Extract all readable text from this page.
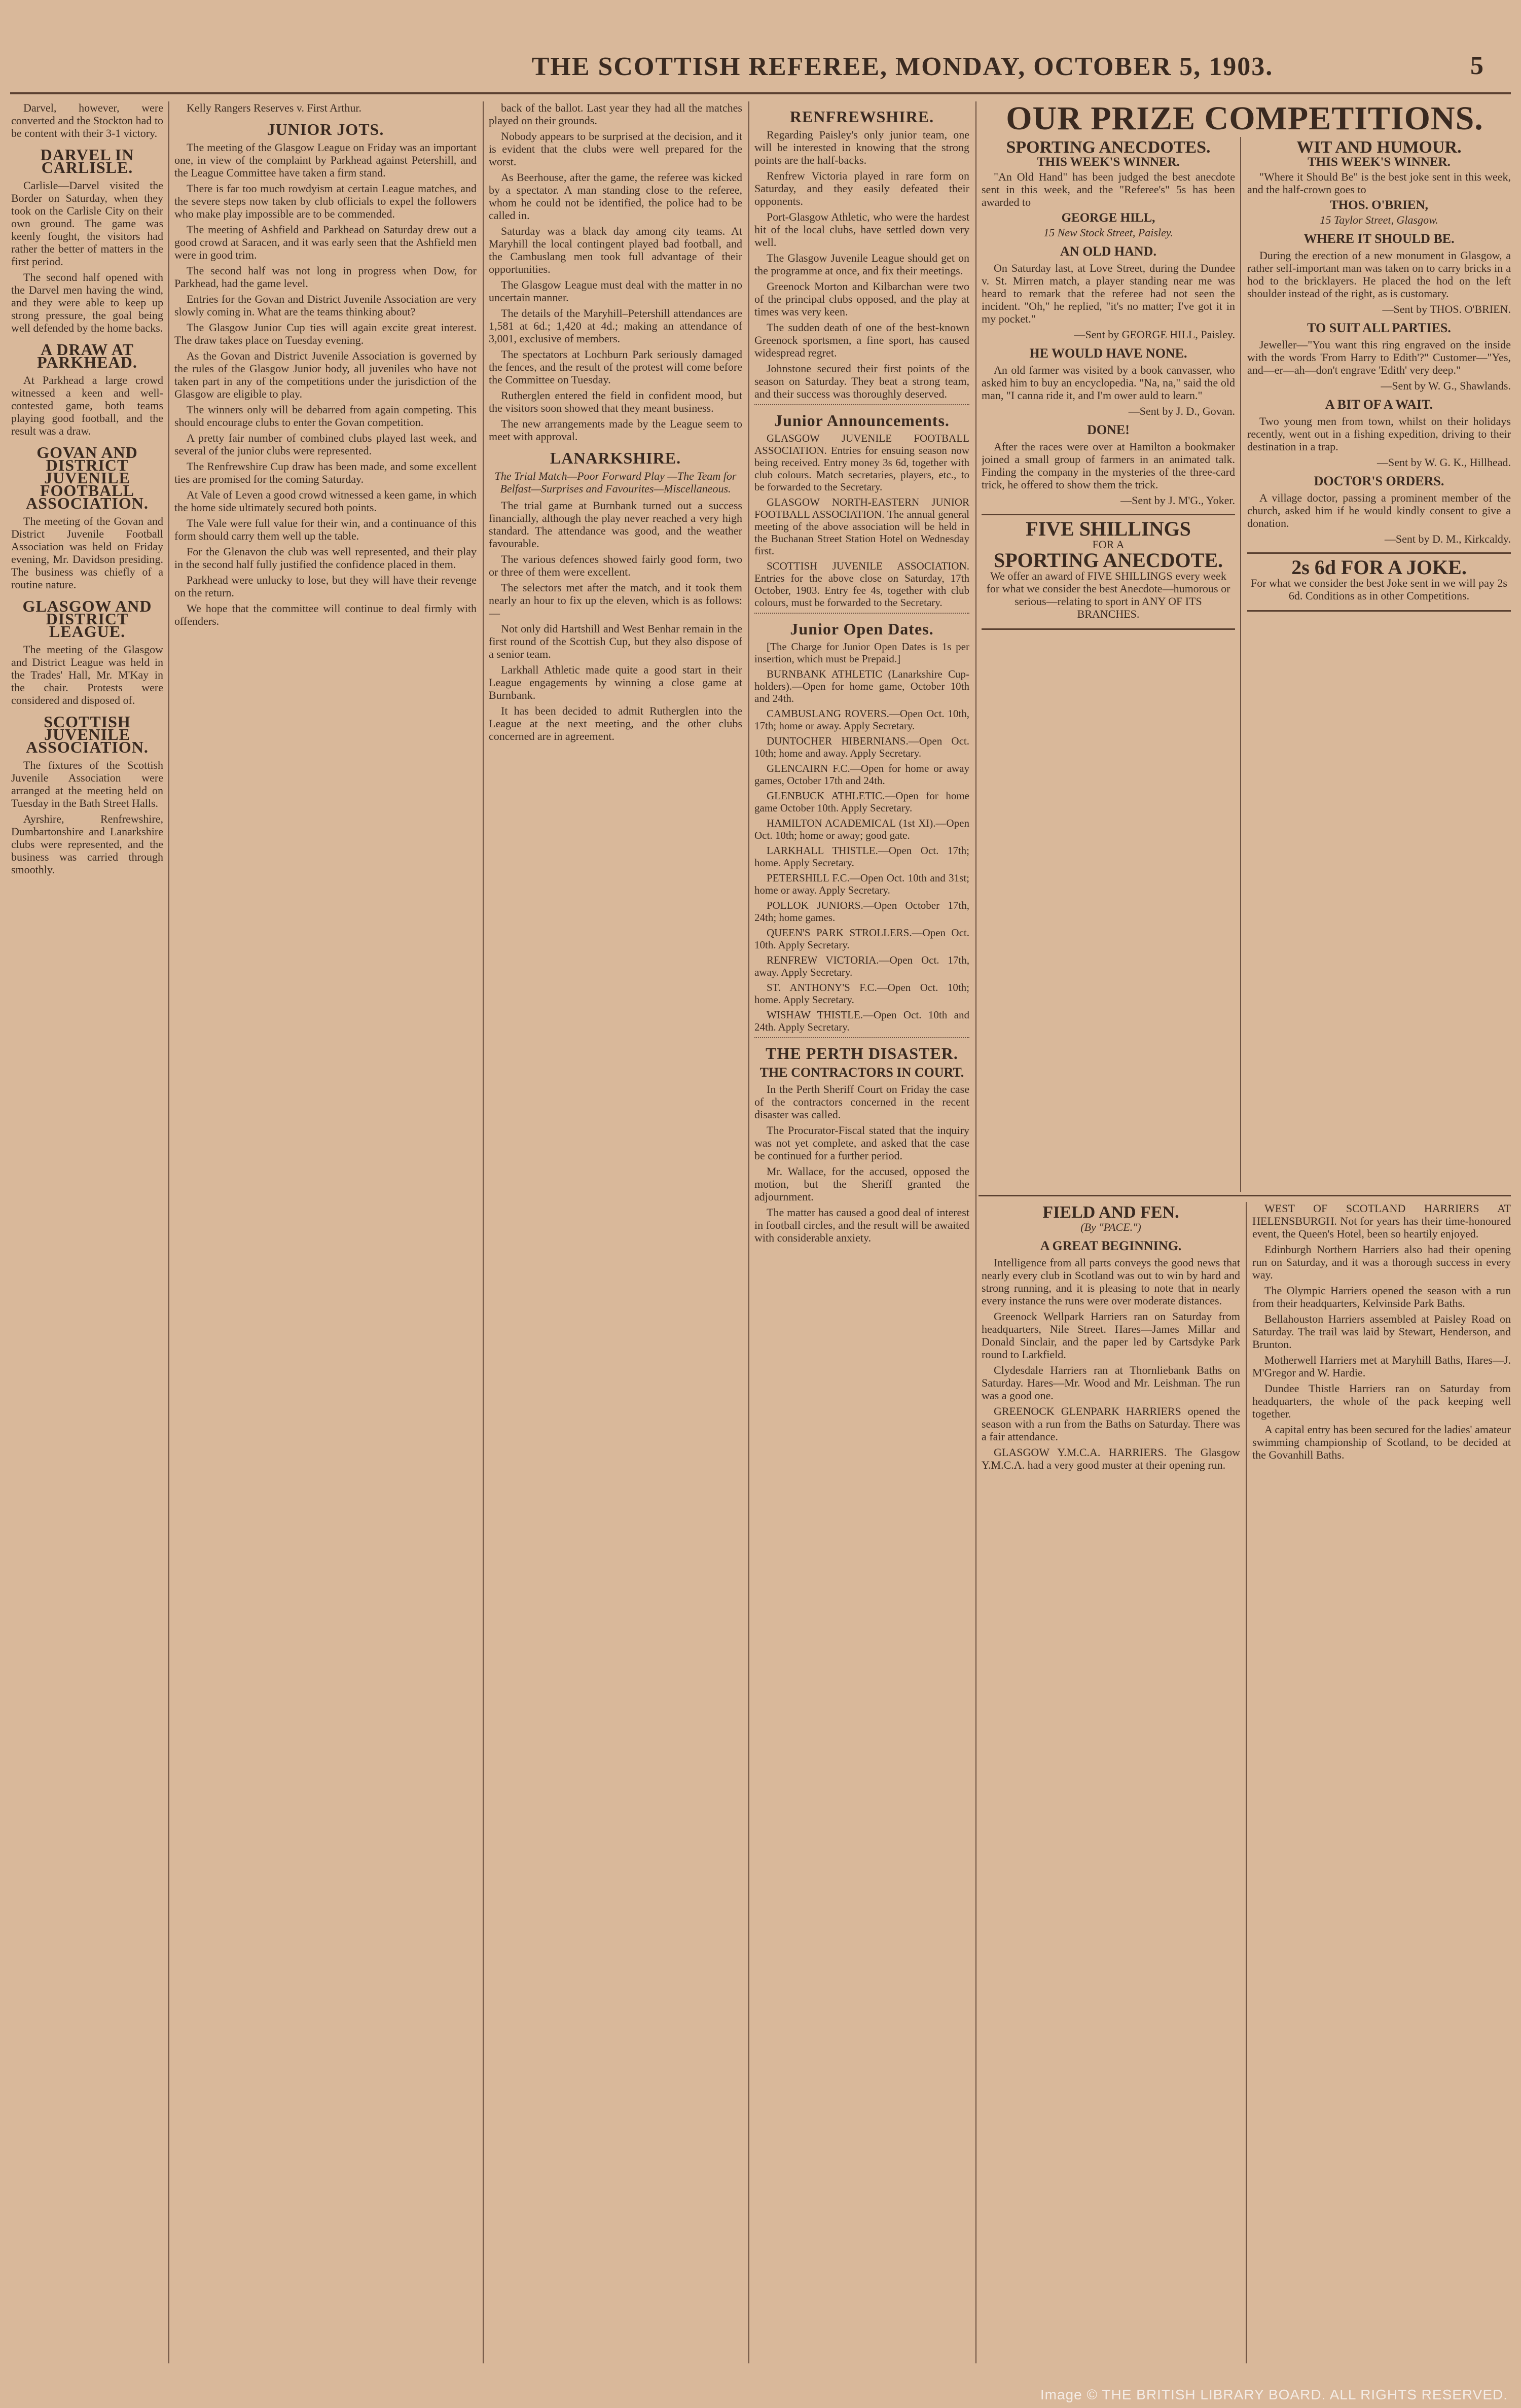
THE SCOTTISH REFEREE, MONDAY, OCTOBER 5, 1903.	5

Darvel, however, were converted and the Stockton had to be content with their 3-1 victory.

DARVEL IN CARLISLE.

Carlisle—Darvel visited the Border on Saturday, when they took on the Carlisle City on their own ground. The game was keenly fought, the visitors had rather the better of matters in the first period.

The second half opened with the Darvel men having the wind, and they were able to keep up strong pressure, the goal being well defended by the home backs.

A DRAW AT PARKHEAD.

At Parkhead a large crowd witnessed a keen and well-contested game, both teams playing good football, and the result was a draw.

GOVAN AND DISTRICT JUVENILE FOOTBALL ASSOCIATION.

The meeting of the Govan and District Juvenile Football Association was held on Friday evening, Mr. Davidson presiding. The business was chiefly of a routine nature.

GLASGOW AND DISTRICT LEAGUE.

The meeting of the Glasgow and District League was held in the Trades' Hall, Mr. M'Kay in the chair. Protests were considered and disposed of.

SCOTTISH JUVENILE ASSOCIATION.

The fixtures of the Scottish Juvenile Association were arranged at the meeting held on Tuesday in the Bath Street Halls.

Ayrshire, Renfrewshire, Dumbartonshire and Lanarkshire clubs were represented, and the business was carried through smoothly.

Kelly Rangers Reserves v. First Arthur.

JUNIOR JOTS.

The meeting of the Glasgow League on Friday was an important one, in view of the complaint by Parkhead against Petershill, and the League Committee have taken a firm stand.

There is far too much rowdyism at certain League matches, and the severe steps now taken by club officials to expel the followers who make play impossible are to be commended.

The meeting of Ashfield and Parkhead on Saturday drew out a good crowd at Saracen, and it was early seen that the Ashfield men were in good trim.

The second half was not long in progress when Dow, for Parkhead, had the game level.

Entries for the Govan and District Juvenile Association are very slowly coming in. What are the teams thinking about?

The Glasgow Junior Cup ties will again excite great interest. The draw takes place on Tuesday evening.

As the Govan and District Juvenile Association is governed by the rules of the Glasgow Junior body, all juveniles who have not taken part in any of the competitions under the jurisdiction of the Glasgow are eligible to play.

The winners only will be debarred from again competing. This should encourage clubs to enter the Govan competition.

A pretty fair number of combined clubs played last week, and several of the junior clubs were represented.

The Renfrewshire Cup draw has been made, and some excellent ties are promised for the coming Saturday.

At Vale of Leven a good crowd witnessed a keen game, in which the home side ultimately secured both points.

The Vale were full value for their win, and a continuance of this form should carry them well up the table.

For the Glenavon the club was well represented, and their play in the second half fully justified the confidence placed in them.

Parkhead were unlucky to lose, but they will have their revenge on the return.

We hope that the committee will continue to deal firmly with offenders.

back of the ballot. Last year they had all the matches played on their grounds.

Nobody appears to be surprised at the decision, and it is evident that the clubs were well prepared for the worst.

As Beerhouse, after the game, the referee was kicked by a spectator. A man standing close to the referee, whom he could not be identified, the police had to be called in.

Saturday was a black day among city teams. At Maryhill the local contingent played bad football, and the Cambuslang men took full advantage of their opportunities.

The Glasgow League must deal with the matter in no uncertain manner.

The details of the Maryhill–Petershill attendances are 1,581 at 6d.; 1,420 at 4d.; making an attendance of 3,001, exclusive of members.

The spectators at Lochburn Park seriously damaged the fences, and the result of the protest will come before the Committee on Tuesday.

Rutherglen entered the field in confident mood, but the visitors soon showed that they meant business.

The new arrangements made by the League seem to meet with approval.

LANARKSHIRE.
The Trial Match—Poor Forward Play —The Team for Belfast—Surprises and Favourites—Miscellaneous.

The trial game at Burnbank turned out a success financially, although the play never reached a very high standard. The attendance was good, and the weather favourable.

The various defences showed fairly good form, two or three of them were excellent.

The selectors met after the match, and it took them nearly an hour to fix up the eleven, which is as follows:—

Not only did Hartshill and West Benhar remain in the first round of the Scottish Cup, but they also dispose of a senior team.

Larkhall Athletic made quite a good start in their League engagements by winning a close game at Burnbank.

It has been decided to admit Rutherglen into the League at the next meeting, and the other clubs concerned are in agreement.

RENFREWSHIRE.

Regarding Paisley's only junior team, one will be interested in knowing that the strong points are the half-backs.

Renfrew Victoria played in rare form on Saturday, and they easily defeated their opponents.

Port-Glasgow Athletic, who were the hardest hit of the local clubs, have settled down very well.

The Glasgow Juvenile League should get on the programme at once, and fix their meetings.

Greenock Morton and Kilbarchan were two of the principal clubs opposed, and the play at times was very keen.

The sudden death of one of the best-known Greenock sportsmen, a fine sport, has caused widespread regret.

Johnstone secured their first points of the season on Saturday. They beat a strong team, and their success was thoroughly deserved.

Junior Announcements.

GLASGOW JUVENILE FOOTBALL ASSOCIATION. Entries for ensuing season now being received. Entry money 3s 6d, together with club colours. Match secretaries, players, etc., to be forwarded to the Secretary.

GLASGOW NORTH-EASTERN JUNIOR FOOTBALL ASSOCIATION. The annual general meeting of the above association will be held in the Buchanan Street Station Hotel on Wednesday first.

SCOTTISH JUVENILE ASSOCIATION. Entries for the above close on Saturday, 17th October, 1903. Entry fee 4s, together with club colours, must be forwarded to the Secretary.

Junior Open Dates.

[The Charge for Junior Open Dates is 1s per insertion, which must be Prepaid.]

BURNBANK ATHLETIC (Lanarkshire Cup-holders).—Open for home game, October 10th and 24th.

CAMBUSLANG ROVERS.—Open Oct. 10th, 17th; home or away. Apply Secretary.

DUNTOCHER HIBERNIANS.—Open Oct. 10th; home and away. Apply Secretary.

GLENCAIRN F.C.—Open for home or away games, October 17th and 24th.

GLENBUCK ATHLETIC.—Open for home game October 10th. Apply Secretary.

HAMILTON ACADEMICAL (1st XI).—Open Oct. 10th; home or away; good gate.

LARKHALL THISTLE.—Open Oct. 17th; home. Apply Secretary.

PETERSHILL F.C.—Open Oct. 10th and 31st; home or away. Apply Secretary.

POLLOK JUNIORS.—Open October 17th, 24th; home games.

QUEEN'S PARK STROLLERS.—Open Oct. 10th. Apply Secretary.

RENFREW VICTORIA.—Open Oct. 17th, away. Apply Secretary.

ST. ANTHONY'S F.C.—Open Oct. 10th; home. Apply Secretary.

WISHAW THISTLE.—Open Oct. 10th and 24th. Apply Secretary.

THE PERTH DISASTER.
THE CONTRACTORS IN COURT.

In the Perth Sheriff Court on Friday the case of the contractors concerned in the recent disaster was called.

The Procurator-Fiscal stated that the inquiry was not yet complete, and asked that the case be continued for a further period.

Mr. Wallace, for the accused, opposed the motion, but the Sheriff granted the adjournment.

The matter has caused a good deal of interest in football circles, and the result will be awaited with considerable anxiety.

OUR PRIZE COMPETITIONS.
SPORTING ANECDOTES.
THIS WEEK'S WINNER.

"An Old Hand" has been judged the best anecdote sent in this week, and the "Referee's" 5s has been awarded to

GEORGE HILL,
15 New Stock Street, Paisley.
AN OLD HAND.

On Saturday last, at Love Street, during the Dundee v. St. Mirren match, a player standing near me was heard to remark that the referee had not seen the incident. "Oh," he replied, "it's no matter; I've got it in my pocket."

—Sent by GEORGE HILL, Paisley.
HE WOULD HAVE NONE.

An old farmer was visited by a book canvasser, who asked him to buy an encyclopedia. "Na, na," said the old man, "I canna ride it, and I'm ower auld to learn."

—Sent by J. D., Govan.
DONE!

After the races were over at Hamilton a bookmaker joined a small group of farmers in an animated talk. Finding the company in the mysteries of the three-card trick, he offered to show them the trick.

—Sent by J. M'G., Yoker.
FIVE SHILLINGS
FOR A
SPORTING ANECDOTE.
We offer an award of FIVE SHILLINGS every week for what we consider the best Anecdote—humorous or serious—relating to sport in ANY OF ITS BRANCHES.
WIT AND HUMOUR.
THIS WEEK'S WINNER.

"Where it Should Be" is the best joke sent in this week, and the half-crown goes to

THOS. O'BRIEN,
15 Taylor Street, Glasgow.
WHERE IT SHOULD BE.

During the erection of a new monument in Glasgow, a rather self-important man was taken on to carry bricks in a hod to the bricklayers. He placed the hod on the left shoulder instead of the right, as is customary.

—Sent by THOS. O'BRIEN.
TO SUIT ALL PARTIES.

Jeweller—"You want this ring engraved on the inside with the words 'From Harry to Edith'?" Customer—"Yes, and—er—ah—don't engrave 'Edith' very deep."

—Sent by W. G., Shawlands.
A BIT OF A WAIT.

Two young men from town, whilst on their holidays recently, went out in a fishing expedition, driving to their destination in a trap.

—Sent by W. G. K., Hillhead.
DOCTOR'S ORDERS.

A village doctor, passing a prominent member of the church, asked him if he would kindly consent to give a donation.

—Sent by D. M., Kirkcaldy.
2s 6d FOR A JOKE.
For what we consider the best Joke sent in we will pay 2s 6d. Conditions as in other Competitions.
FIELD AND FEN.
(By "PACE.")
A GREAT BEGINNING.

Intelligence from all parts conveys the good news that nearly every club in Scotland was out to win by hard and strong running, and it is pleasing to note that in nearly every instance the runs were over moderate distances.

Greenock Wellpark Harriers ran on Saturday from headquarters, Nile Street. Hares—James Millar and Donald Sinclair, and the paper led by Cartsdyke Park round to Larkfield.

Clydesdale Harriers ran at Thornliebank Baths on Saturday. Hares—Mr. Wood and Mr. Leishman. The run was a good one.

GREENOCK GLENPARK HARRIERS opened the season with a run from the Baths on Saturday. There was a fair attendance.

GLASGOW Y.M.C.A. HARRIERS. The Glasgow Y.M.C.A. had a very good muster at their opening run.

WEST OF SCOTLAND HARRIERS AT HELENSBURGH. Not for years has their time-honoured event, the Queen's Hotel, been so heartily enjoyed.

Edinburgh Northern Harriers also had their opening run on Saturday, and it was a thorough success in every way.

The Olympic Harriers opened the season with a run from their headquarters, Kelvinside Park Baths.

Bellahouston Harriers assembled at Paisley Road on Saturday. The trail was laid by Stewart, Henderson, and Brunton.

Motherwell Harriers met at Maryhill Baths, Hares—J. M'Gregor and W. Hardie.

Dundee Thistle Harriers ran on Saturday from headquarters, the whole of the pack keeping well together.

A capital entry has been secured for the ladies' amateur swimming championship of Scotland, to be decided at the Govanhill Baths.

Image © THE BRITISH LIBRARY BOARD. ALL RIGHTS RESERVED.
